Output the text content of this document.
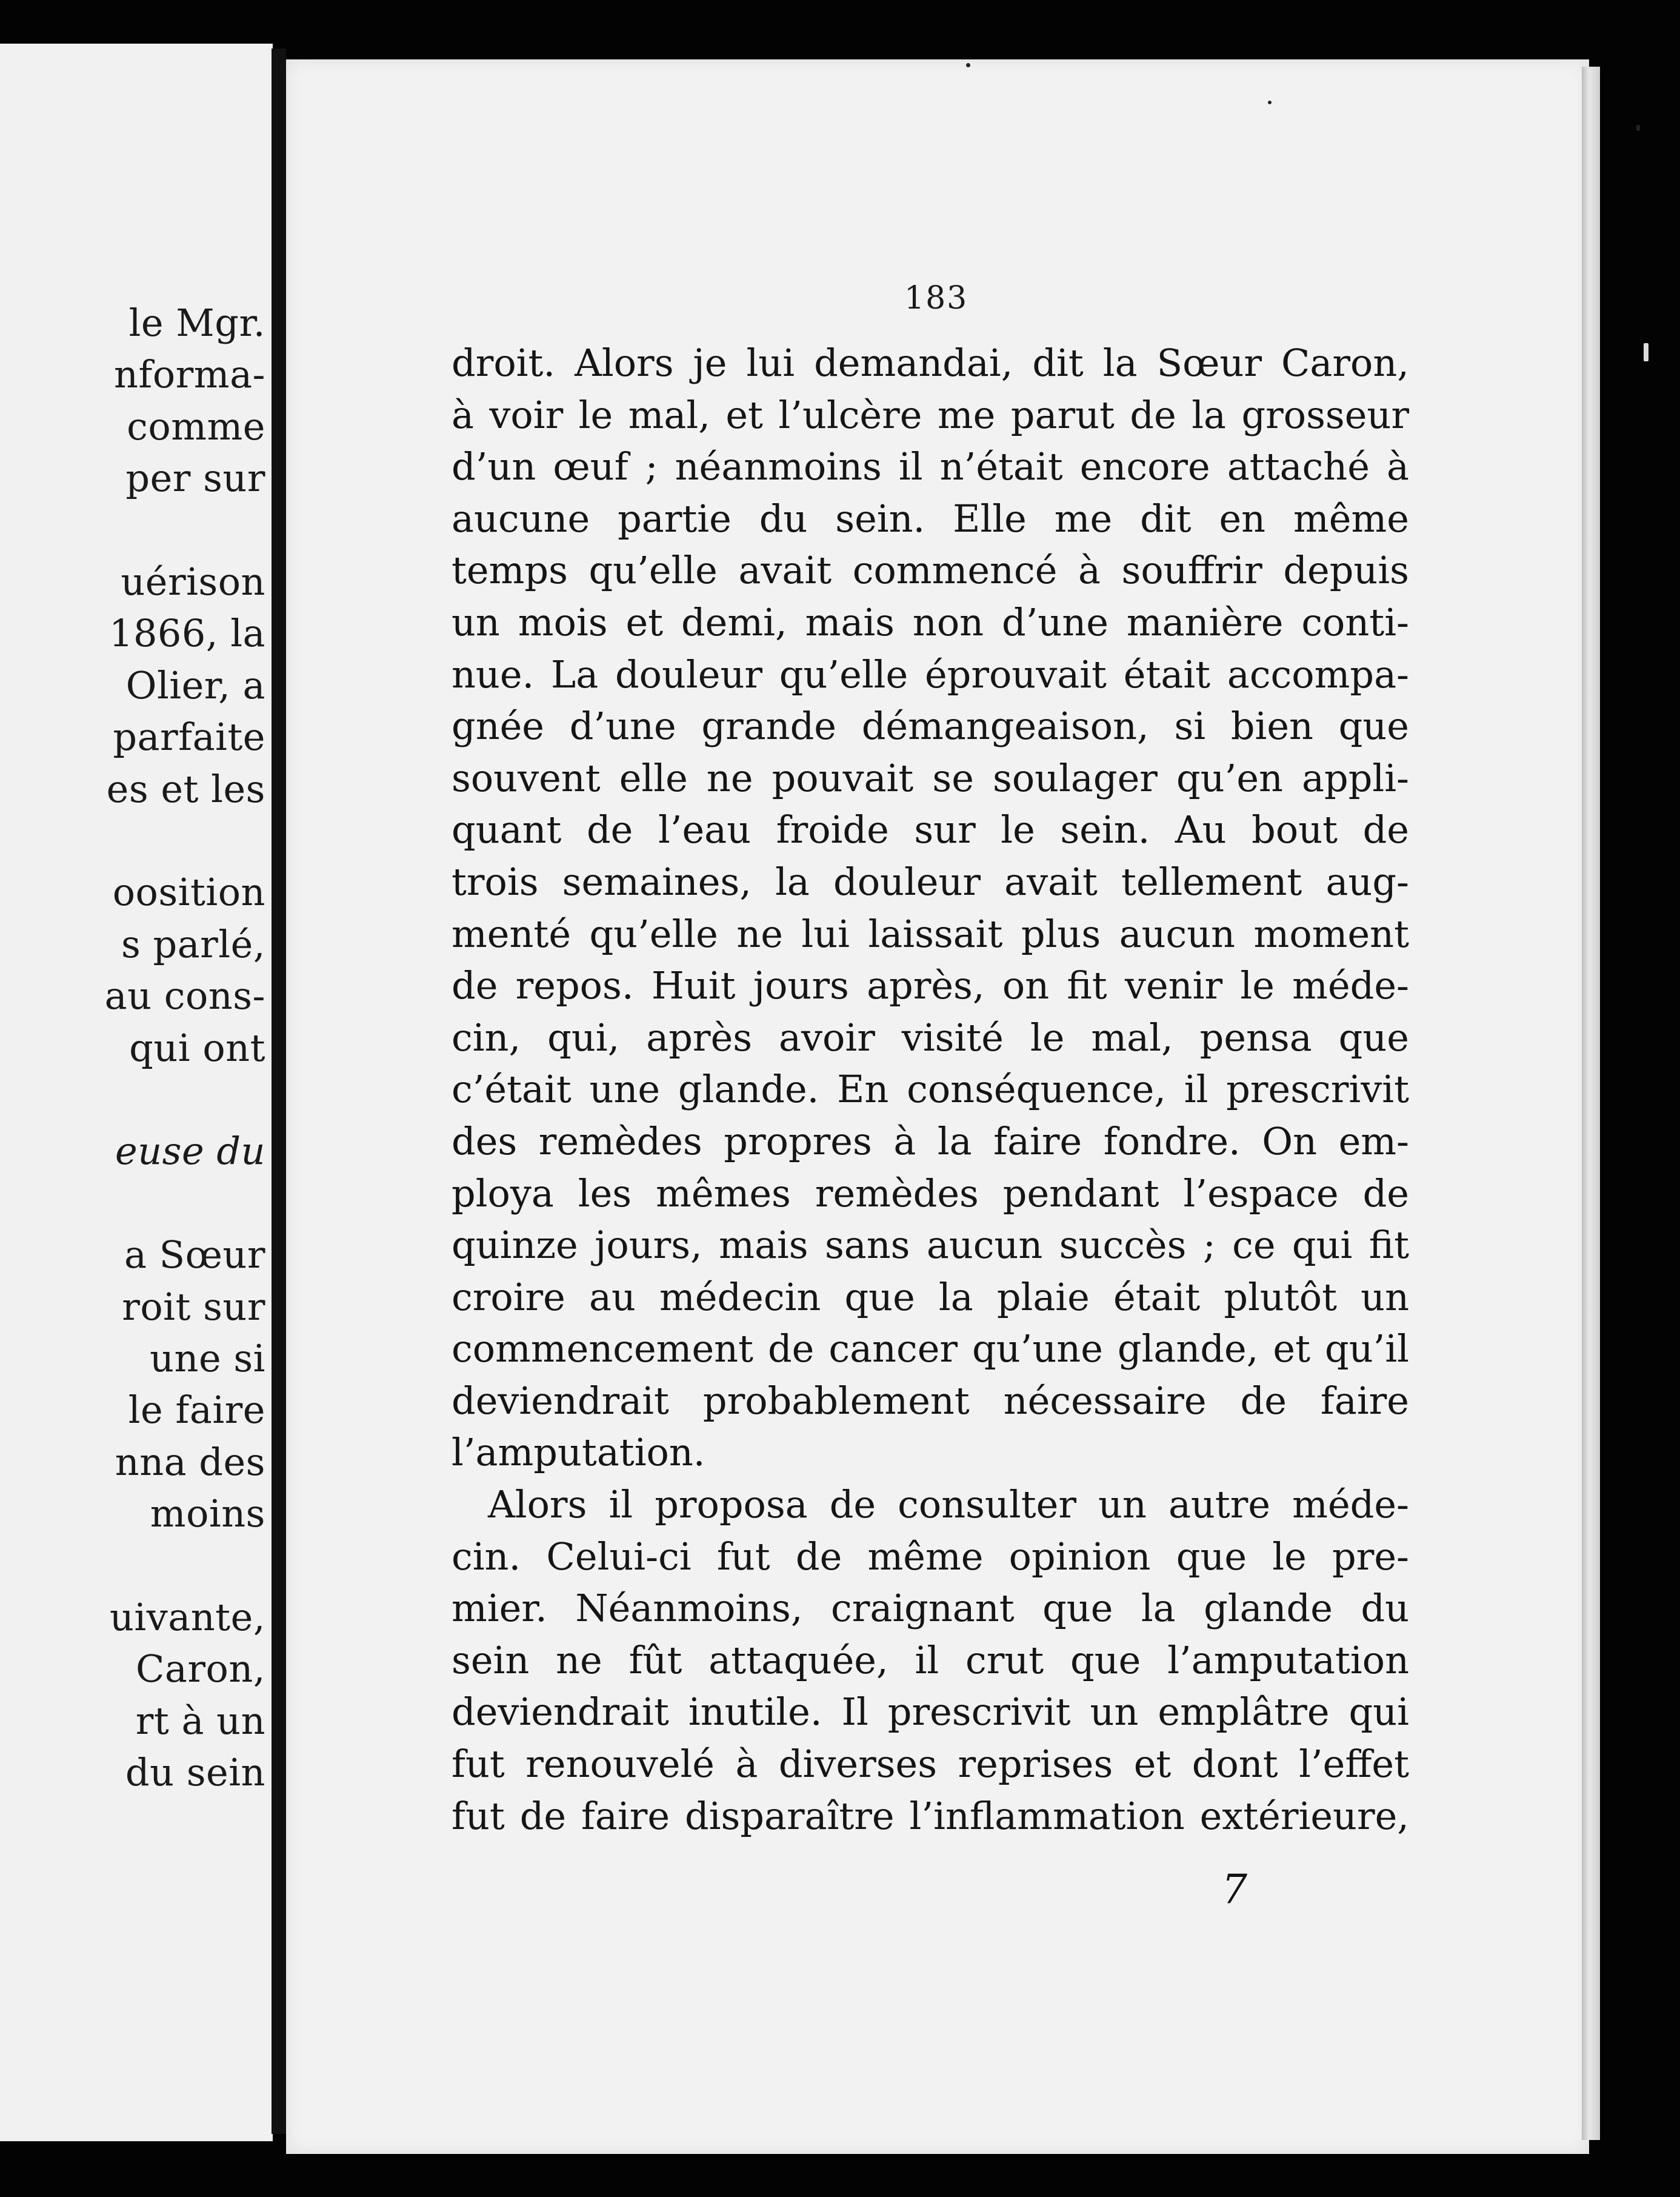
le Mgr.
nforma-
comme
per sur
uérison
1866, la
Olier, a
parfaite
es et les
oosition
s parlé,
au cons-
qui ont
euse du
a Sœur
roit sur
une si
le faire
nna des
moins
uivante,
Caron,
rt à un
du sein
183
droit. Alors je lui demandai, dit la Sœur Caron,
à voir le mal, et l’ulcère me parut de la grosseur
d’un œuf ; néanmoins il n’était encore attaché à
aucune partie du sein. Elle me dit en même
temps qu’elle avait commencé à souffrir depuis
un mois et demi, mais non d’une manière conti-
nue. La douleur qu’elle éprouvait était accompa-
gnée d’une grande démangeaison, si bien que
souvent elle ne pouvait se soulager qu’en appli-
quant de l’eau froide sur le sein. Au bout de
trois semaines, la douleur avait tellement aug-
menté qu’elle ne lui laissait plus aucun moment
de repos. Huit jours après, on fit venir le méde-
cin, qui, après avoir visité le mal, pensa que
c’était une glande. En conséquence, il prescrivit
des remèdes propres à la faire fondre. On em-
ploya les mêmes remèdes pendant l’espace de
quinze jours, mais sans aucun succès ; ce qui fit
croire au médecin que la plaie était plutôt un
commencement de cancer qu’une glande, et qu’il
deviendrait probablement nécessaire de faire
l’amputation.
Alors il proposa de consulter un autre méde-
cin. Celui-ci fut de même opinion que le pre-
mier. Néanmoins, craignant que la glande du
sein ne fût attaquée, il crut que l’amputation
deviendrait inutile. Il prescrivit un emplâtre qui
fut renouvelé à diverses reprises et dont l’effet
fut de faire disparaître l’inflammation extérieure,
7
